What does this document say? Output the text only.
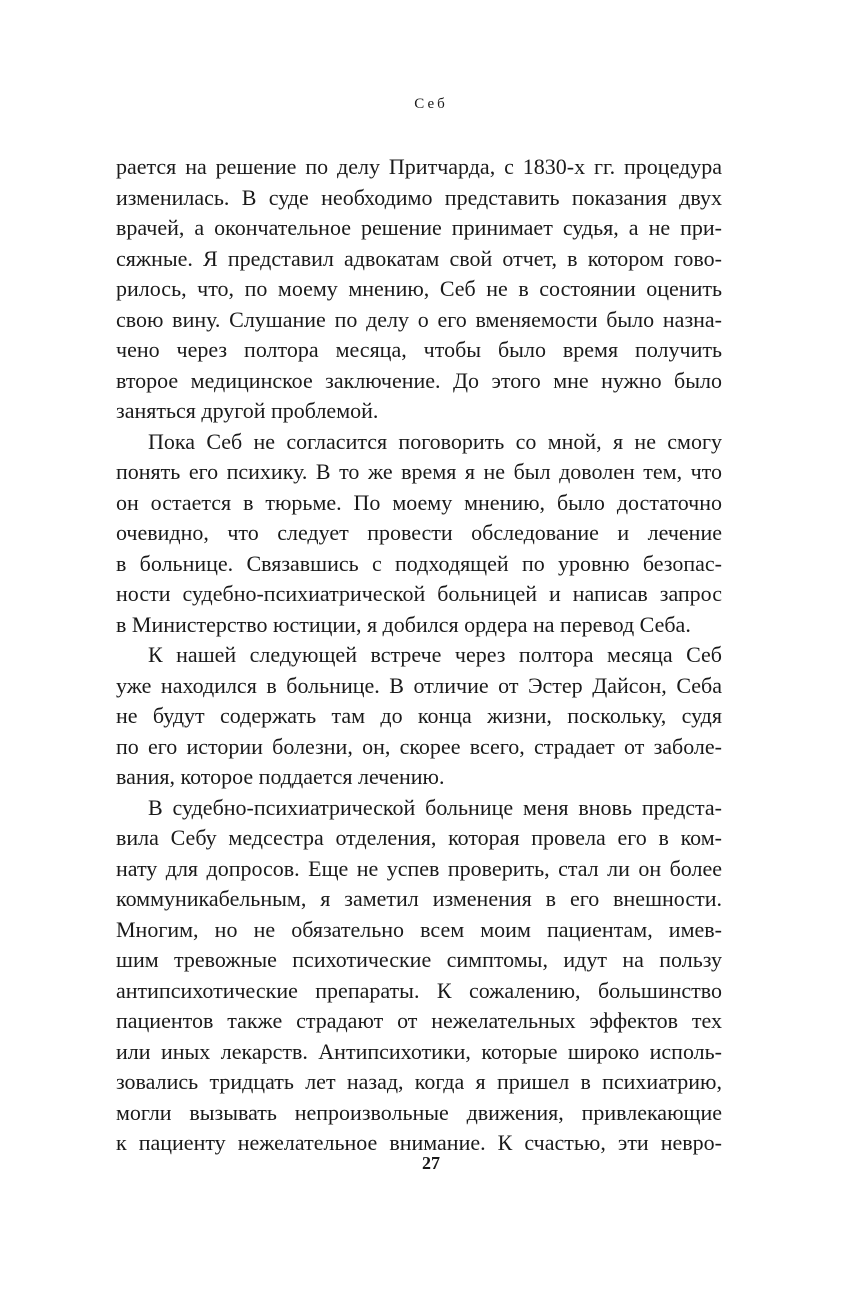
Себ
рается на решение по делу Притчарда, с 1830-х гг. процедура
изменилась. В суде необходимо представить показания двух
врачей, а окончательное решение принимает судья, а не при-
сяжные. Я представил адвокатам свой отчет, в котором гово-
рилось, что, по моему мнению, Себ не в состоянии оценить
свою вину. Слушание по делу о его вменяемости было назна-
чено через полтора месяца, чтобы было время получить
второе медицинское заключение. До этого мне нужно было
заняться другой проблемой.
Пока Себ не согласится поговорить со мной, я не смогу
понять его психику. В то же время я не был доволен тем, что
он остается в тюрьме. По моему мнению, было достаточно
очевидно, что следует провести обследование и лечение
в больнице. Связавшись с подходящей по уровню безопас-
ности судебно-психиатрической больницей и написав запрос
в Министерство юстиции, я добился ордера на перевод Себа.
К нашей следующей встрече через полтора месяца Себ
уже находился в больнице. В отличие от Эстер Дайсон, Себа
не будут содержать там до конца жизни, поскольку, судя
по его истории болезни, он, скорее всего, страдает от заболе-
вания, которое поддается лечению.
В судебно-психиатрической больнице меня вновь предста-
вила Себу медсестра отделения, которая провела его в ком-
нату для допросов. Еще не успев проверить, стал ли он более
коммуникабельным, я заметил изменения в его внешности.
Многим, но не обязательно всем моим пациентам, имев-
шим тревожные психотические симптомы, идут на пользу
антипсихотические препараты. К сожалению, большинство
пациентов также страдают от нежелательных эффектов тех
или иных лекарств. Антипсихотики, которые широко исполь-
зовались тридцать лет назад, когда я пришел в психиатрию,
могли вызывать непроизвольные движения, привлекающие
к пациенту нежелательное внимание. К счастью, эти невро-
27
